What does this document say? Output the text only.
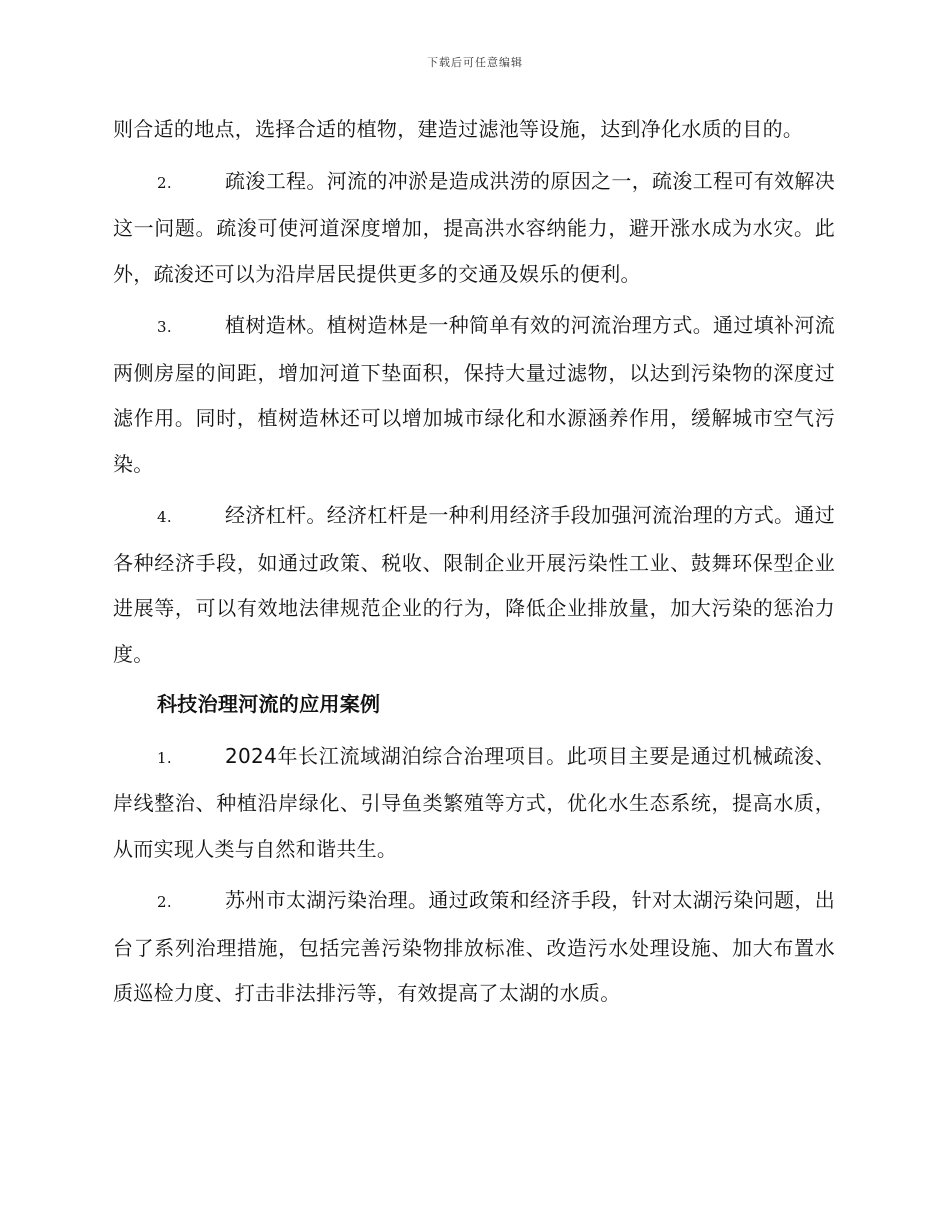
下载后可任意编辑

则合适的地点，选择合适的植物，建造过滤池等设施，达到净化水质的目的。

2.	疏浚工程。河流的冲淤是造成洪涝的原因之一，疏浚工程可有效解决这一问题。疏浚可使河道深度增加，提高洪水容纳能力，避开涨水成为水灾。此外，疏浚还可以为沿岸居民提供更多的交通及娱乐的便利。

3.	植树造林。植树造林是一种简单有效的河流治理方式。通过填补河流两侧房屋的间距，增加河道下垫面积，保持大量过滤物，以达到污染物的深度过滤作用。同时，植树造林还可以增加城市绿化和水源涵养作用，缓解城市空气污染。

4.	经济杠杆。经济杠杆是一种利用经济手段加强河流治理的方式。通过各种经济手段，如通过政策、税收、限制企业开展污染性工业、鼓舞环保型企业进展等，可以有效地法律规范企业的行为，降低企业排放量，加大污染的惩治力度。

科技治理河流的应用案例

1.	2024年长江流域湖泊综合治理项目。此项目主要是通过机械疏浚、岸线整治、种植沿岸绿化、引导鱼类繁殖等方式，优化水生态系统，提高水质，从而实现人类与自然和谐共生。

2.	苏州市太湖污染治理。通过政策和经济手段，针对太湖污染问题，出台了系列治理措施，包括完善污染物排放标准、改造污水处理设施、加大布置水质巡检力度、打击非法排污等，有效提高了太湖的水质。
